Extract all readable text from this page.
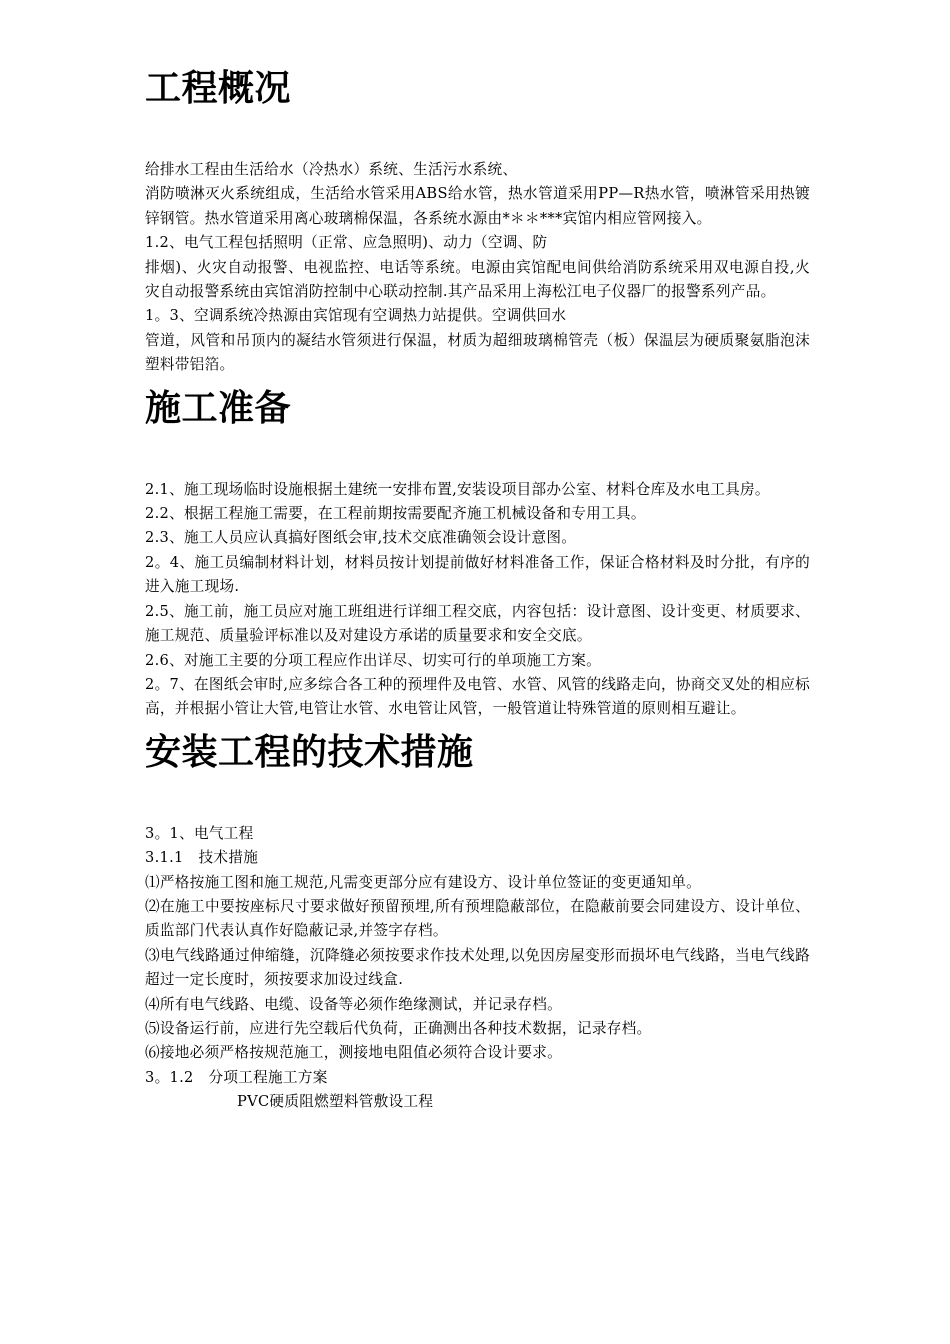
工程概况

给排水工程由生活给水（冷热水）系统、生活污水系统、

消防喷淋灭火系统组成，生活给水管采用ABS给水管，热水管道采用PP—R热水管，喷淋管采用热镀锌钢管。热水管道采用离心玻璃棉保温，各系统水源由*＊＊***宾馆内相应管网接入。

1.2、电气工程包括照明（正常、应急照明)、动力（空调、防

排烟)、火灾自动报警、电视监控、电话等系统。电源由宾馆配电间供给消防系统采用双电源自投,火灾自动报警系统由宾馆消防控制中心联动控制.其产品采用上海松江电子仪器厂的报警系列产品。

1。3、空调系统冷热源由宾馆现有空调热力站提供。空调供回水

管道，风管和吊顶内的凝结水管须进行保温，材质为超细玻璃棉管壳（板）保温层为硬质聚氨脂泡沫塑料带铝箔。

施工准备

2.1、施工现场临时设施根据土建统一安排布置,安装设项目部办公室、材料仓库及水电工具房。

2.2、根据工程施工需要，在工程前期按需要配齐施工机械设备和专用工具。

2.3、施工人员应认真搞好图纸会审,技术交底准确领会设计意图。

2。4、施工员编制材料计划，材料员按计划提前做好材料准备工作，保证合格材料及时分批，有序的进入施工现场.

2.5、施工前，施工员应对施工班组进行详细工程交底，内容包括：设计意图、设计变更、材质要求、施工规范、质量验评标准以及对建设方承诺的质量要求和安全交底。

2.6、对施工主要的分项工程应作出详尽、切实可行的单项施工方案。

2。7、在图纸会审时,应多综合各工种的预埋件及电管、水管、风管的线路走向，协商交叉处的相应标高，并根据小管让大管,电管让水管、水电管让风管，一般管道让特殊管道的原则相互避让。

安装工程的技术措施

3。1、电气工程

3.1.1　技术措施

⑴严格按施工图和施工规范,凡需变更部分应有建设方、设计单位签证的变更通知单。

⑵在施工中要按座标尺寸要求做好预留预埋,所有预埋隐蔽部位，在隐蔽前要会同建设方、设计单位、质监部门代表认真作好隐蔽记录,并签字存档。

⑶电气线路通过伸缩缝，沉降缝必须按要求作技术处理,以免因房屋变形而损坏电气线路，当电气线路超过一定长度时，须按要求加设过线盒.

⑷所有电气线路、电缆、设备等必须作绝缘测试，并记录存档。

⑸设备运行前，应进行先空载后代负荷，正确测出各种技术数据，记录存档。

⑹接地必须严格按规范施工，测接地电阻值必须符合设计要求。

3。1.2　分项工程施工方案

PVC硬质阻燃塑料管敷设工程
